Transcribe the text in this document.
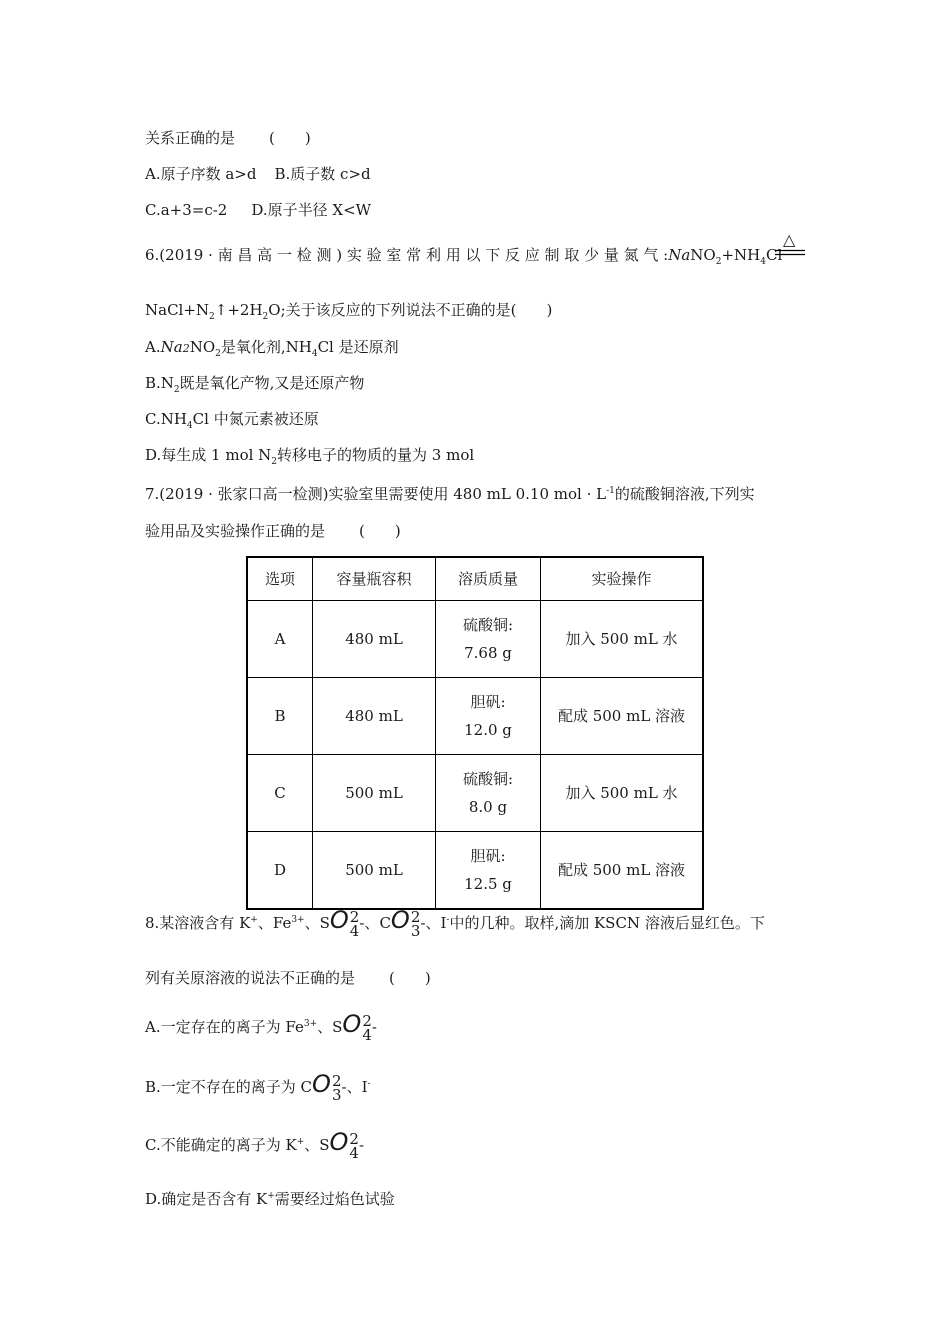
关系正确的是 (　　)
A.原子序数 a>d B.质子数 c>d
C.a+3=c-2 D.原子半径 X<W
6.(2019 · 南 昌 高 一 检 测 ) 实 验 室 常 利 用 以 下 反 应 制 取 少 量 氮 气 $:NaNO_2+NH_4Cl$
△
$NaCl+N_2↑+2H_2O$;关于该反应的下列说法不正确的是( )
$A.Na2NO_2$是氧化剂$,NH_4Cl$ 是还原剂
$B.N_2$既是氧化产物,又是还原产物
$C.NH_4Cl$ 中氮元素被还原
D.每生成 1 mol $N_2$转移电子的物质的量为 3 mol
7.(2019 · 张家口高一检测)实验室里需要使用 480 mL 0.10 mol · $L^{-1}$的硫酸铜溶液,下列实
验用品及实验操作正确的是 (　　)
选项	容量瓶容积	溶质质量	实验操作
A	480 mL	硫酸铜:
7.68 g	加入 500 mL 水
B	480 mL	胆矾:
12.0 g	配成 500 mL 溶液
C	500 mL	硫酸铜:
8.0 g	加入 500 mL 水
D	500 mL	胆矾:
12.5 g	配成 500 mL 溶液
8.某溶液含有 K+、$Fe^{3+}$、SO 2
4 -、CO 2
3 -、I-中的几种。取样,滴加 KSCN 溶液后显红色。下
列有关原溶液的说法不正确的是 (　　)
A.一定存在的离子为 $Fe^{3+}$、SO 2
4 -
B.一定不存在的离子为 CO 2
3 -、I-
C.不能确定的离子为 K+、SO 2
4 -
D.确定是否含有 K+需要经过焰色试验
